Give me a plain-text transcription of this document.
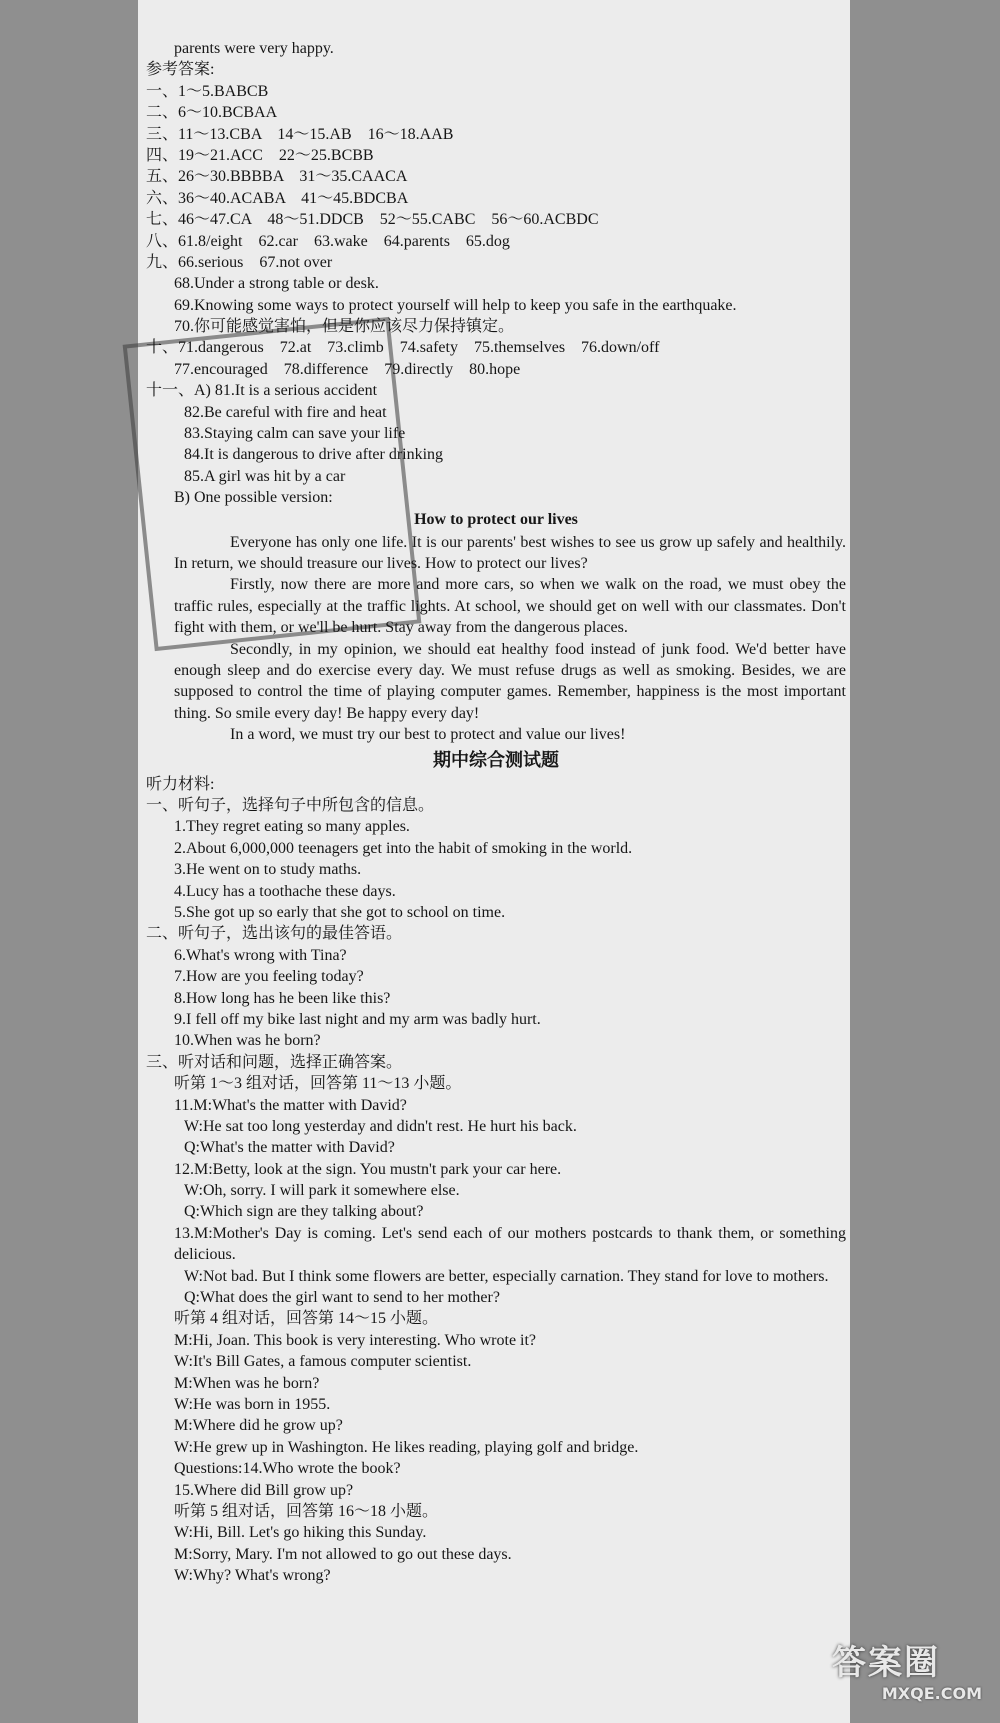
parents were very happy.
参考答案:
一、1～5.BABCB
二、6～10.BCBAA
三、11～13.CBA　14～15.AB　16～18.AAB
四、19～21.ACC　22～25.BCBB
五、26～30.BBBBA　31～35.CAACA
六、36～40.ACABA　41～45.BDCBA
七、46～47.CA　48～51.DDCB　52～55.CABC　56～60.ACBDC
八、61.8/eight　62.car　63.wake　64.parents　65.dog
九、66.serious　67.not over
68.Under a strong table or desk.
69.Knowing some ways to protect yourself will help to keep you safe in the earthquake.
70.你可能感觉害怕，但是你应该尽力保持镇定。
十、71.dangerous　72.at　73.climb　74.safety　75.themselves　76.down/off
77.encouraged　78.difference　79.directly　80.hope
十一、A) 81.It is a serious accident
82.Be careful with fire and heat
83.Staying calm can save your life
84.It is dangerous to drive after drinking
85.A girl was hit by a car
B) One possible version:
How to protect our lives
Everyone has only one life. It is our parents' best wishes to see us grow up safely and healthily. In return, we should treasure our lives. How to protect our lives?
Firstly, now there are more and more cars, so when we walk on the road, we must obey the traffic rules, especially at the traffic lights. At school, we should get on well with our classmates. Don't fight with them, or we'll be hurt. Stay away from the dangerous places.
Secondly, in my opinion, we should eat healthy food instead of junk food. We'd better have enough sleep and do exercise every day. We must refuse drugs as well as smoking. Besides, we are supposed to control the time of playing computer games. Remember, happiness is the most important thing. So smile every day! Be happy every day!
In a word, we must try our best to protect and value our lives!
期中综合测试题
听力材料:
一、听句子，选择句子中所包含的信息。
1.They regret eating so many apples.
2.About 6,000,000 teenagers get into the habit of smoking in the world.
3.He went on to study maths.
4.Lucy has a toothache these days.
5.She got up so early that she got to school on time.
二、听句子，选出该句的最佳答语。
6.What's wrong with Tina?
7.How are you feeling today?
8.How long has he been like this?
9.I fell off my bike last night and my arm was badly hurt.
10.When was he born?
三、听对话和问题，选择正确答案。
听第 1～3 组对话，回答第 11～13 小题。
11.M:What's the matter with David?
W:He sat too long yesterday and didn't rest. He hurt his back.
Q:What's the matter with David?
12.M:Betty, look at the sign. You mustn't park your car here.
W:Oh, sorry. I will park it somewhere else.
Q:Which sign are they talking about?
13.M:Mother's Day is coming. Let's send each of our mothers postcards to thank them, or something delicious.
W:Not bad. But I think some flowers are better, especially carnation. They stand for love to mothers.
Q:What does the girl want to send to her mother?
听第 4 组对话，回答第 14～15 小题。
M:Hi, Joan. This book is very interesting. Who wrote it?
W:It's Bill Gates, a famous computer scientist.
M:When was he born?
W:He was born in 1955.
M:Where did he grow up?
W:He grew up in Washington. He likes reading, playing golf and bridge.
Questions:14.Who wrote the book?
15.Where did Bill grow up?
听第 5 组对话，回答第 16～18 小题。
W:Hi, Bill. Let's go hiking this Sunday.
M:Sorry, Mary. I'm not allowed to go out these days.
W:Why? What's wrong?
答案圈
MXQE.COM
